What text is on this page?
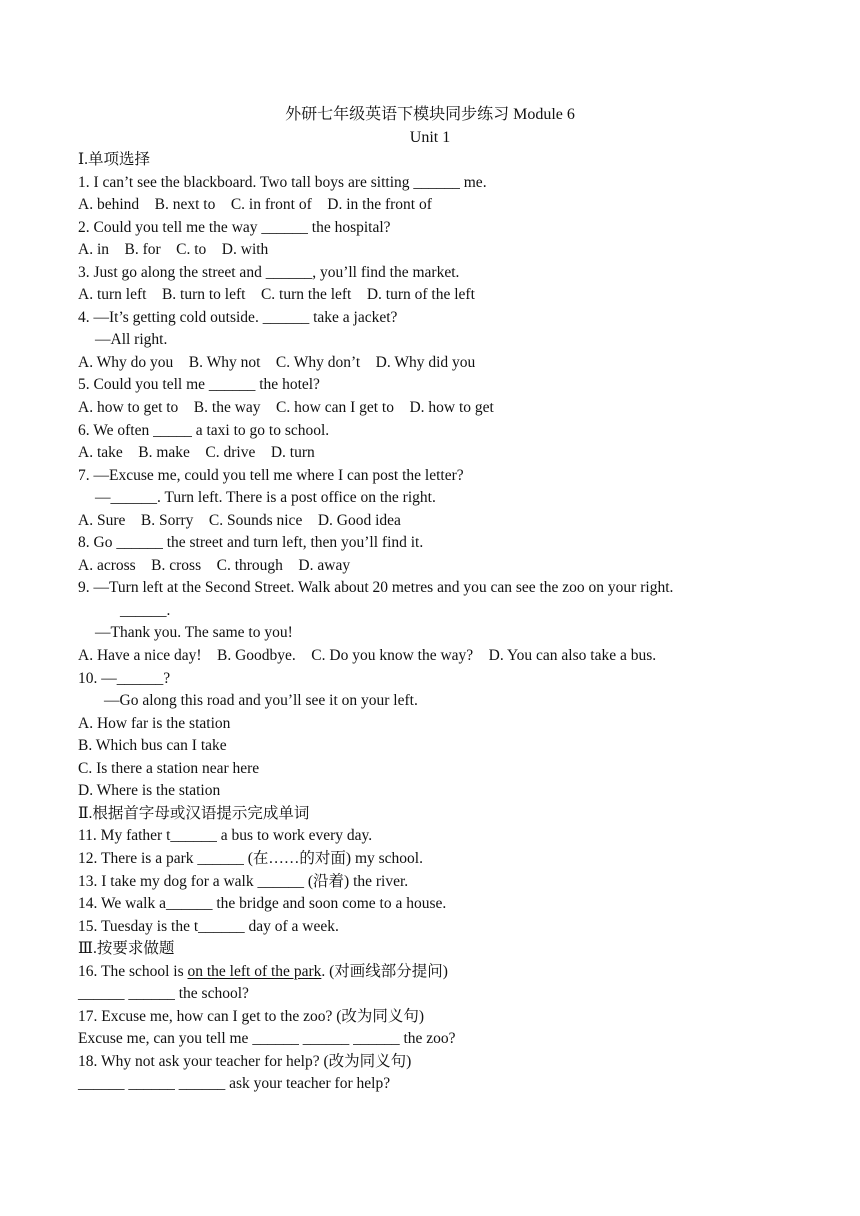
外研七年级英语下模块同步练习 Module 6
Unit 1
Ⅰ.单项选择
1. I can’t see the blackboard. Two tall boys are sitting ______ me.
A. behind    B. next to    C. in front of    D. in the front of
2. Could you tell me the way ______ the hospital?
A. in    B. for    C. to    D. with
3. Just go along the street and ______, you’ll find the market.
A. turn left    B. turn to left    C. turn the left    D. turn of the left
4. —It’s getting cold outside. ______ take a jacket?
—All right.
A. Why do you    B. Why not    C. Why don’t    D. Why did you
5. Could you tell me ______ the hotel?
A. how to get to    B. the way    C. how can I get to    D. how to get
6. We often _____ a taxi to go to school.
A. take    B. make    C. drive    D. turn
7. —Excuse me, could you tell me where I can post the letter?
—______. Turn left. There is a post office on the right.
A. Sure    B. Sorry    C. Sounds nice    D. Good idea
8. Go ______ the street and turn left, then you’ll find it.
A. across    B. cross    C. through    D. away
9. —Turn left at the Second Street. Walk about 20 metres and you can see the zoo on your right.
______.
—Thank you. The same to you!
A. Have a nice day!    B. Goodbye.    C. Do you know the way?    D. You can also take a bus.
10. —______?
—Go along this road and you’ll see it on your left.
A. How far is the station
B. Which bus can I take
C. Is there a station near here
D. Where is the station
Ⅱ.根据首字母或汉语提示完成单词
11. My father t______ a bus to work every day.
12. There is a park ______ (在……的对面) my school.
13. I take my dog for a walk ______ (沿着) the river.
14. We walk a______ the bridge and soon come to a house.
15. Tuesday is the t______ day of a week.
Ⅲ.按要求做题
16. The school is on the left of the park. (对画线部分提问)
______ ______ the school?
17. Excuse me, how can I get to the zoo? (改为同义句)
Excuse me, can you tell me ______ ______ ______ the zoo?
18. Why not ask your teacher for help? (改为同义句)
______ ______ ______ ask your teacher for help?
